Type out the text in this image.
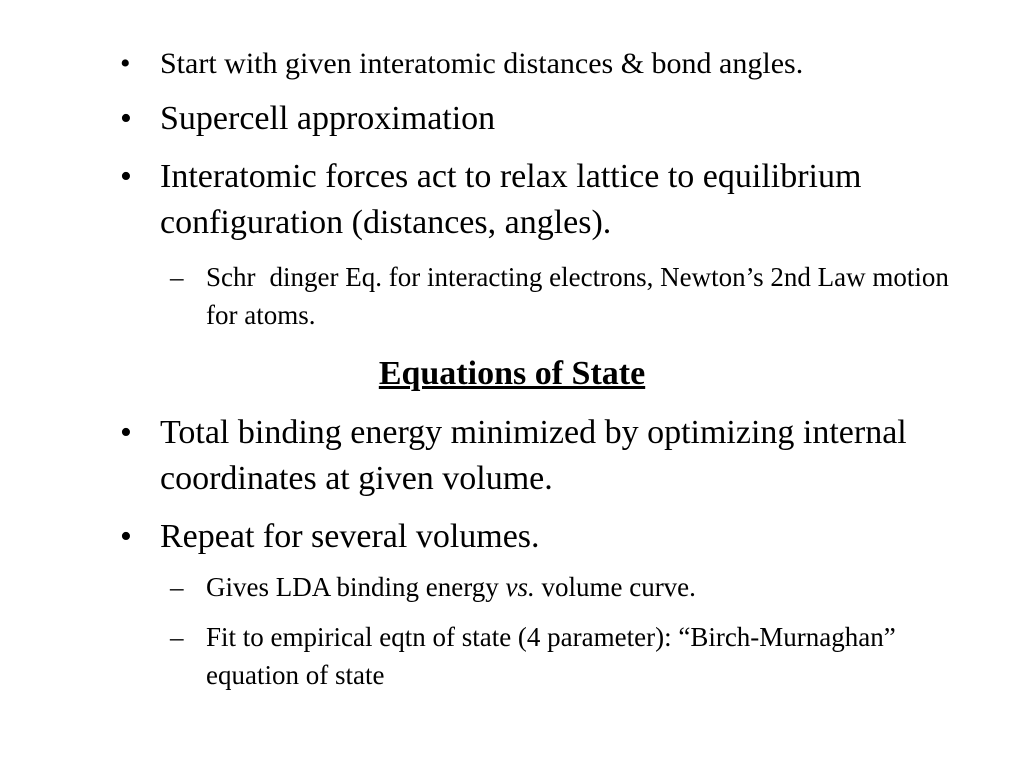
• Start with given interatomic distances & bond angles.
• Supercell approximation
• Interatomic forces act to relax lattice to equilibrium configuration (distances, angles).
– Schr dinger Eq. for interacting electrons, Newton’s 2nd Law motion for atoms.
Equations of State
• Total binding energy minimized by optimizing internal coordinates at given volume.
• Repeat for several volumes.
– Gives LDA binding energy vs. volume curve.
– Fit to empirical eqtn of state (4 parameter): “Birch-Murnaghan” equation of state
